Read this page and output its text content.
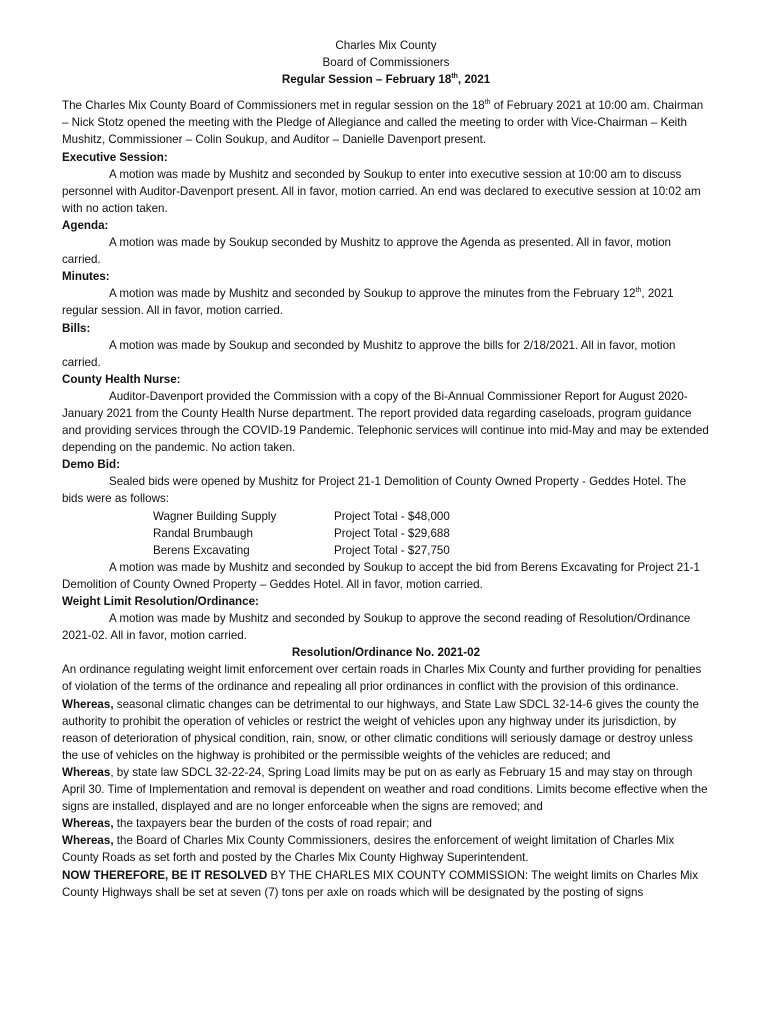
Charles Mix County

Board of Commissioners

Regular Session – February 18th, 2021

The Charles Mix County Board of Commissioners met in regular session on the 18th of February 2021 at 10:00 am. Chairman – Nick Stotz opened the meeting with the Pledge of Allegiance and called the meeting to order with Vice-Chairman – Keith Mushitz, Commissioner – Colin Soukup, and Auditor – Danielle Davenport present.

Executive Session:

A motion was made by Mushitz and seconded by Soukup to enter into executive session at 10:00 am to discuss personnel with Auditor-Davenport present. All in favor, motion carried. An end was declared to executive session at 10:02 am with no action taken.

Agenda:

A motion was made by Soukup seconded by Mushitz to approve the Agenda as presented. All in favor, motion carried.

Minutes:

A motion was made by Mushitz and seconded by Soukup to approve the minutes from the February 12th, 2021 regular session. All in favor, motion carried.

Bills:

A motion was made by Soukup and seconded by Mushitz to approve the bills for 2/18/2021. All in favor, motion carried.

County Health Nurse:

Auditor-Davenport provided the Commission with a copy of the Bi-Annual Commissioner Report for August 2020-January 2021 from the County Health Nurse department. The report provided data regarding caseloads, program guidance and providing services through the COVID-19 Pandemic. Telephonic services will continue into mid-May and may be extended depending on the pandemic. No action taken.

Demo Bid:

Sealed bids were opened by Mushitz for Project 21-1 Demolition of County Owned Property - Geddes Hotel. The bids were as follows:

Wagner Building Supply	Project Total - $48,000
Randal Brumbaugh	Project Total - $29,688
Berens Excavating	Project Total - $27,750

A motion was made by Mushitz and seconded by Soukup to accept the bid from Berens Excavating for Project 21-1 Demolition of County Owned Property – Geddes Hotel. All in favor, motion carried.

Weight Limit Resolution/Ordinance:

A motion was made by Mushitz and seconded by Soukup to approve the second reading of Resolution/Ordinance 2021-02. All in favor, motion carried.

Resolution/Ordinance No. 2021-02

An ordinance regulating weight limit enforcement over certain roads in Charles Mix County and further providing for penalties of violation of the terms of the ordinance and repealing all prior ordinances in conflict with the provision of this ordinance.

Whereas, seasonal climatic changes can be detrimental to our highways, and State Law SDCL 32-14-6 gives the county the authority to prohibit the operation of vehicles or restrict the weight of vehicles upon any highway under its jurisdiction, by reason of deterioration of physical condition, rain, snow, or other climatic conditions will seriously damage or destroy unless the use of vehicles on the highway is prohibited or the permissible weights of the vehicles are reduced; and

Whereas, by state law SDCL 32-22-24, Spring Load limits may be put on as early as February 15 and may stay on through April 30. Time of Implementation and removal is dependent on weather and road conditions. Limits become effective when the signs are installed, displayed and are no longer enforceable when the signs are removed; and

Whereas, the taxpayers bear the burden of the costs of road repair; and

Whereas, the Board of Charles Mix County Commissioners, desires the enforcement of weight limitation of Charles Mix County Roads as set forth and posted by the Charles Mix County Highway Superintendent.

NOW THEREFORE, BE IT RESOLVED BY THE CHARLES MIX COUNTY COMMISSION: The weight limits on Charles Mix County Highways shall be set at seven (7) tons per axle on roads which will be designated by the posting of signs
